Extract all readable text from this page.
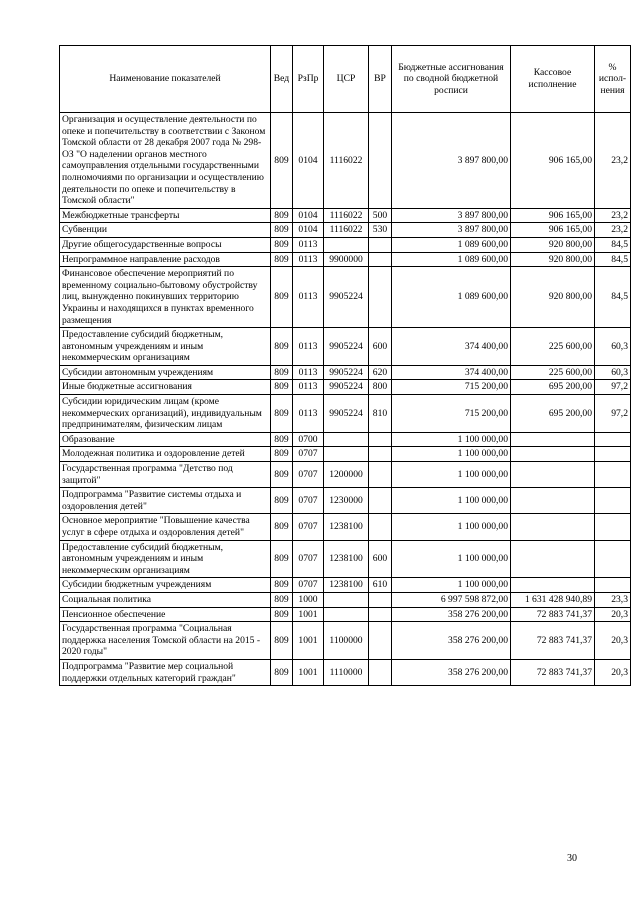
Наименование показателей	Вед	РзПр	ЦСР	ВР	Бюджетные ассигнования по сводной бюджетной росписи	Кассовое исполнение	% испол-нения
Организация и осуществление деятельности по опеке и попечительству в соответствии с Законом Томской области от 28 декабря 2007 года № 298-ОЗ "О наделении органов местного самоуправления отдельными государственными полномочиями по организации и осуществлению деятельности по опеке и попечительству в Томской области"	809	0104	1116022		3 897 800,00	906 165,00	23,2
Межбюджетные трансферты	809	0104	1116022	500	3 897 800,00	906 165,00	23,2
Субвенции	809	0104	1116022	530	3 897 800,00	906 165,00	23,2
Другие общегосударственные вопросы	809	0113			1 089 600,00	920 800,00	84,5
Непрограммное направление расходов	809	0113	9900000		1 089 600,00	920 800,00	84,5
Финансовое обеспечение мероприятий по временному социально-бытовому обустройству лиц, вынужденно покинувших территорию Украины и находящихся в пунктах временного размещения	809	0113	9905224		1 089 600,00	920 800,00	84,5
Предоставление субсидий бюджетным, автономным учреждениям и иным некоммерческим организациям	809	0113	9905224	600	374 400,00	225 600,00	60,3
Субсидии автономным учреждениям	809	0113	9905224	620	374 400,00	225 600,00	60,3
Иные бюджетные ассигнования	809	0113	9905224	800	715 200,00	695 200,00	97,2
Субсидии юридическим лицам (кроме некоммерческих организаций), индивидуальным предпринимателям, физическим лицам	809	0113	9905224	810	715 200,00	695 200,00	97,2
Образование	809	0700			1 100 000,00		
Молодежная политика и оздоровление детей	809	0707			1 100 000,00		
Государственная программа "Детство под защитой"	809	0707	1200000		1 100 000,00		
Подпрограмма "Развитие системы отдыха и оздоровления детей"	809	0707	1230000		1 100 000,00		
Основное мероприятие "Повышение качества услуг в сфере отдыха и оздоровления детей"	809	0707	1238100		1 100 000,00		
Предоставление субсидий бюджетным, автономным учреждениям и иным некоммерческим организациям	809	0707	1238100	600	1 100 000,00		
Субсидии бюджетным учреждениям	809	0707	1238100	610	1 100 000,00		
Социальная политика	809	1000			6 997 598 872,00	1 631 428 940,89	23,3
Пенсионное обеспечение	809	1001			358 276 200,00	72 883 741,37	20,3
Государственная программа "Социальная поддержка населения Томской области на 2015 - 2020 годы"	809	1001	1100000		358 276 200,00	72 883 741,37	20,3
Подпрограмма "Развитие мер социальной поддержки отдельных категорий граждан"	809	1001	1110000		358 276 200,00	72 883 741,37	20,3
30
